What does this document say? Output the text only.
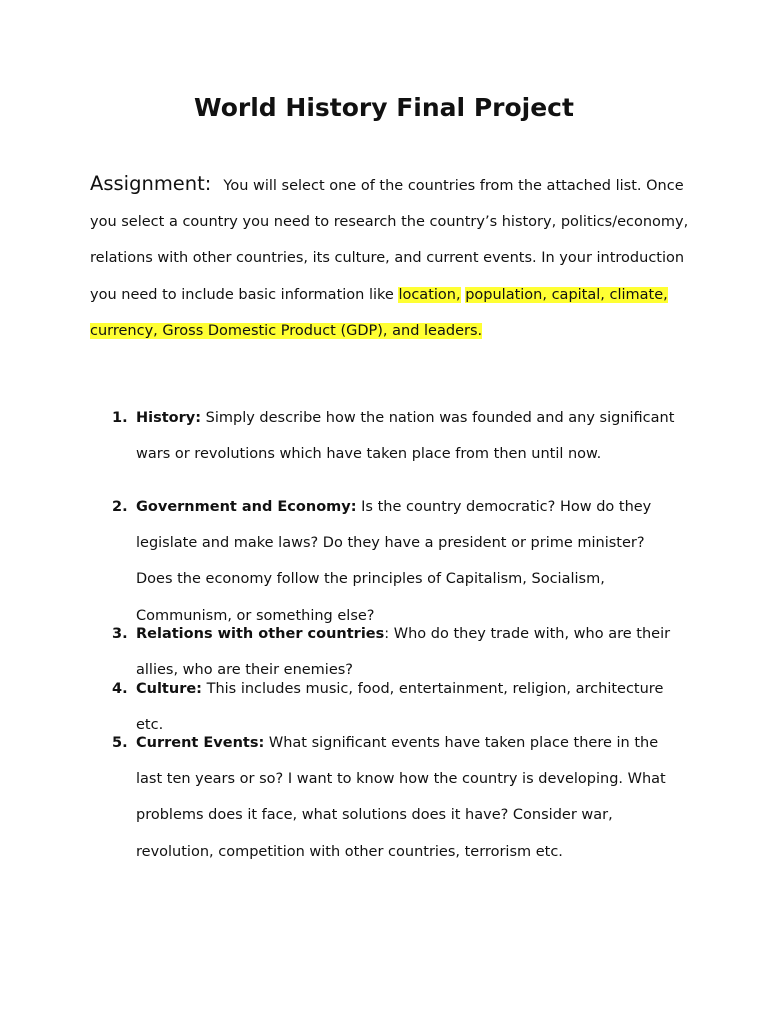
World History Final Project

Assignment: You will select one of the countries from the attached list. Once you select a country you need to research the country’s history, politics/economy, relations with other countries, its culture, and current events. In your introduction you need to include basic information like location, population, capital, climate, currency, Gross Domestic Product (GDP), and leaders.

1. History: Simply describe how the nation was founded and any significant wars or revolutions which have taken place from then until now.
2. Government and Economy: Is the country democratic? How do they legislate and make laws? Do they have a president or prime minister? Does the economy follow the principles of Capitalism, Socialism, Communism, or something else?
3. Relations with other countries: Who do they trade with, who are their allies, who are their enemies?
4. Culture: This includes music, food, entertainment, religion, architecture etc.
5. Current Events: What significant events have taken place there in the last ten years or so? I want to know how the country is developing. What problems does it face, what solutions does it have? Consider war, revolution, competition with other countries, terrorism etc.
